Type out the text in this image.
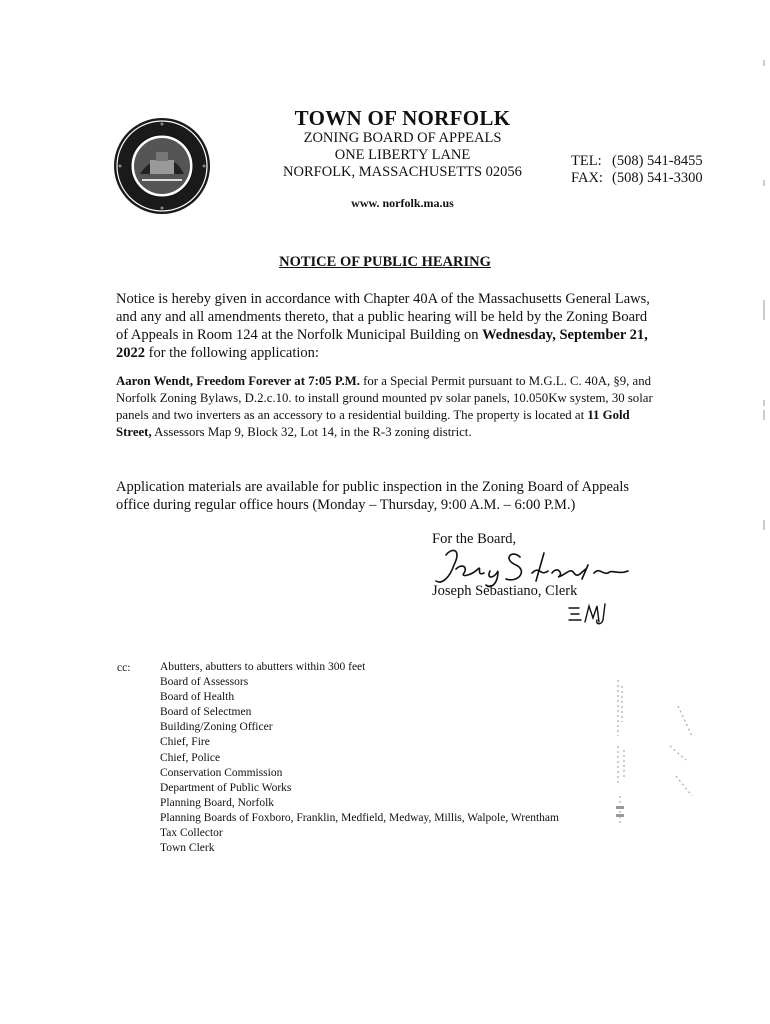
TOWN OF NORFOLK
ZONING BOARD OF APPEALS
ONE LIBERTY LANE
NORFOLK, MASSACHUSETTS 02056
www. norfolk.ma.us
TEL: (508) 541-8455
FAX: (508) 541-3300
NOTICE OF PUBLIC HEARING
Notice is hereby given in accordance with Chapter 40A of the Massachusetts General Laws, and any and all amendments thereto, that a public hearing will be held by the Zoning Board of Appeals in Room 124 at the Norfolk Municipal Building on Wednesday, September 21, 2022 for the following application:
Aaron Wendt, Freedom Forever at 7:05 P.M. for a Special Permit pursuant to M.G.L. C. 40A, §9, and Norfolk Zoning Bylaws, D.2.c.10. to install ground mounted pv solar panels, 10.050Kw system, 30 solar panels and two inverters as an accessory to a residential building. The property is located at 11 Gold Street, Assessors Map 9, Block 32, Lot 14, in the R-3 zoning district.
Application materials are available for public inspection in the Zoning Board of Appeals office during regular office hours (Monday – Thursday, 9:00 A.M. – 6:00 P.M.)
For the Board,
Joseph Sebastiano, Clerk
cc:	Abutters, abutters to abutters within 300 feet
Board of Assessors
Board of Health
Board of Selectmen
Building/Zoning Officer
Chief, Fire
Chief, Police
Conservation Commission
Department of Public Works
Planning Board, Norfolk
Planning Boards of Foxboro, Franklin, Medfield, Medway, Millis, Walpole, Wrentham
Tax Collector
Town Clerk
